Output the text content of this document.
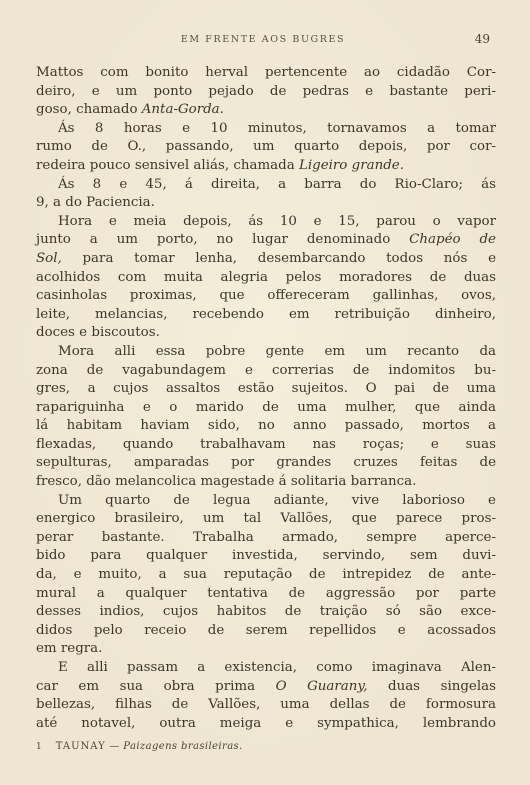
EM FRENTE AOS BUGRES	49
Mattos com bonito herval pertencente ao cidadão Cor-
deiro, e um ponto pejado de pedras e bastante peri-
goso, chamado Anta-Gorda.
Ás 8 horas e 10 minutos, tornavamos a tomar
rumo de O., passando, um quarto depois, por cor-
redeira pouco sensivel aliás, chamada Ligeiro grande.
Ás 8 e 45, á direita, a barra do Rio-Claro; ás
9, a do Paciencia.
Hora e meia depois, ás 10 e 15, parou o vapor
junto a um porto, no lugar denominado Chapéo de
Sol, para tomar lenha, desembarcando todos nós e
acolhidos com muita alegria pelos moradores de duas
casinholas proximas, que offereceram gallinhas, ovos,
leite, melancias, recebendo em retribuição dinheiro,
doces e biscoutos.
Mora alli essa pobre gente em um recanto da
zona de vagabundagem e correrias de indomitos bu-
gres, a cujos assaltos estão sujeitos. O pai de uma
rapariguinha e o marido de uma mulher, que ainda
lá habitam haviam sido, no anno passado, mortos a
flexadas, quando trabalhavam nas roças; e suas
sepulturas, amparadas por grandes cruzes feitas de
fresco, dão melancolica magestade á solitaria barranca.
Um quarto de legua adiante, vive laborioso e
energico brasileiro, um tal Vallões, que parece pros-
perar bastante. Trabalha armado, sempre aperce-
bido para qualquer investida, servindo, sem duvi-
da, e muito, a sua reputação de intrepidez de ante-
mural a qualquer tentativa de aggressão por parte
desses indios, cujos habitos de traição só são exce-
didos pelo receio de serem repellidos e acossados
em regra.
E alli passam a existencia, como imaginava Alen-
car em sua obra prima O Guarany, duas singelas
bellezas, filhas de Vallões, uma dellas de formosura
até notavel, outra meiga e sympathica, lembrando
1 TAUNAY — Paizagens brasileiras.
